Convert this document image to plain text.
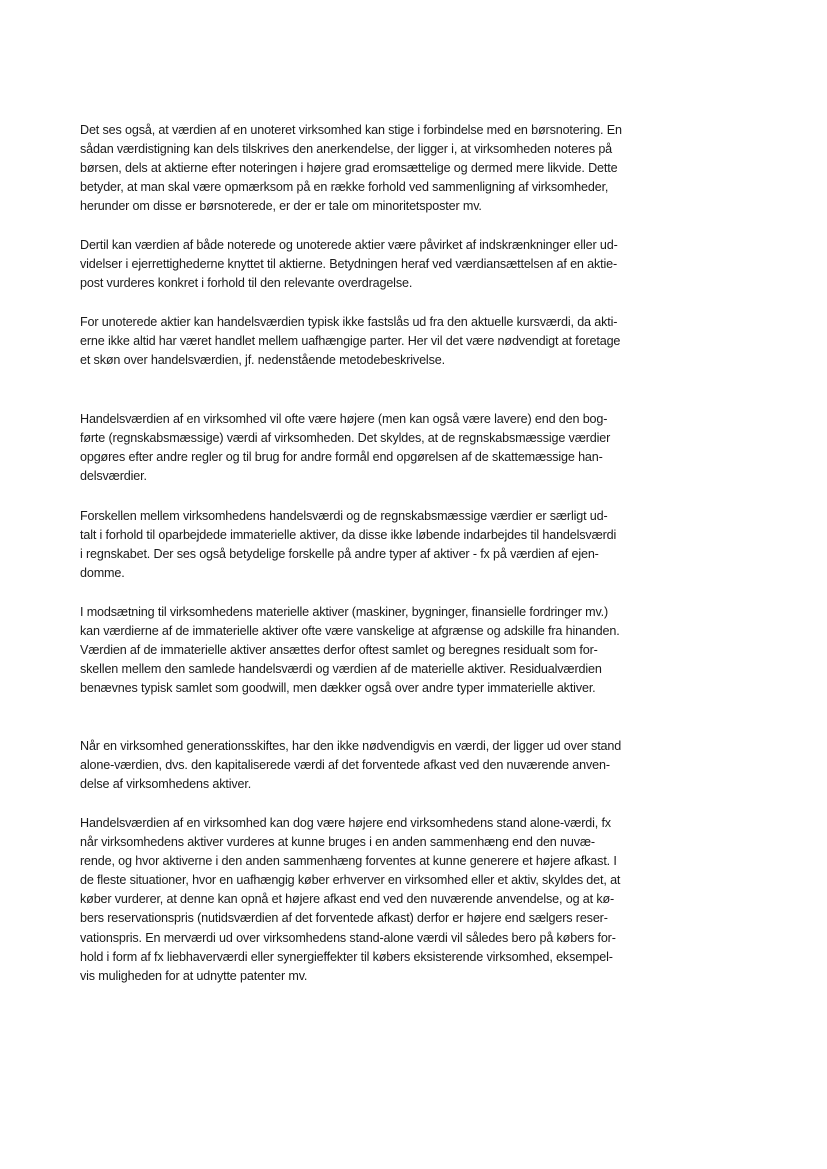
Det ses også, at værdien af en unoteret virksomhed kan stige i forbindelse med en børsnotering. En
sådan værdistigning kan dels tilskrives den anerkendelse, der ligger i, at virksomheden noteres på
børsen, dels at aktierne efter noteringen i højere grad eromsættelige og dermed mere likvide. Dette
betyder, at man skal være opmærksom på en række forhold ved sammenligning af virksomheder,
herunder om disse er børsnoterede, er der er tale om minoritetsposter mv.

Dertil kan værdien af både noterede og unoterede aktier være påvirket af indskrænkninger eller ud-
videlser i ejerrettighederne knyttet til aktierne. Betydningen heraf ved værdiansættelsen af en aktie-
post vurderes konkret i forhold til den relevante overdragelse.

For unoterede aktier kan handelsværdien typisk ikke fastslås ud fra den aktuelle kursværdi, da akti-
erne ikke altid har været handlet mellem uafhængige parter. Her vil det være nødvendigt at foretage
et skøn over handelsværdien, jf. nedenstående metodebeskrivelse.

Handelsværdien af en virksomhed vil ofte være højere (men kan også være lavere) end den bog-
førte (regnskabsmæssige) værdi af virksomheden. Det skyldes, at de regnskabsmæssige værdier
opgøres efter andre regler og til brug for andre formål end opgørelsen af de skattemæssige han-
delsværdier.

Forskellen mellem virksomhedens handelsværdi og de regnskabsmæssige værdier er særligt ud-
talt i forhold til oparbejdede immaterielle aktiver, da disse ikke løbende indarbejdes til handelsværdi
i regnskabet. Der ses også betydelige forskelle på andre typer af aktiver - fx på værdien af ejen-
domme.

I modsætning til virksomhedens materielle aktiver (maskiner, bygninger, finansielle fordringer mv.)
kan værdierne af de immaterielle aktiver ofte være vanskelige at afgrænse og adskille fra hinanden.
Værdien af de immaterielle aktiver ansættes derfor oftest samlet og beregnes residualt som for-
skellen mellem den samlede handelsværdi og værdien af de materielle aktiver. Residualværdien
benævnes typisk samlet som goodwill, men dækker også over andre typer immaterielle aktiver.

Når en virksomhed generationsskiftes, har den ikke nødvendigvis en værdi, der ligger ud over stand
alone-værdien, dvs. den kapitaliserede værdi af det forventede afkast ved den nuværende anven-
delse af virksomhedens aktiver.

Handelsværdien af en virksomhed kan dog være højere end virksomhedens stand alone-værdi, fx
når virksomhedens aktiver vurderes at kunne bruges i en anden sammenhæng end den nuvæ-
rende, og hvor aktiverne i den anden sammenhæng forventes at kunne generere et højere afkast. I
de fleste situationer, hvor en uafhængig køber erhverver en virksomhed eller et aktiv, skyldes det, at
køber vurderer, at denne kan opnå et højere afkast end ved den nuværende anvendelse, og at kø-
bers reservationspris (nutidsværdien af det forventede afkast) derfor er højere end sælgers reser-
vationspris. En merværdi ud over virksomhedens stand-alone værdi vil således bero på købers for-
hold i form af fx liebhaverværdi eller synergieffekter til købers eksisterende virksomhed, eksempel-
vis muligheden for at udnytte patenter mv.
